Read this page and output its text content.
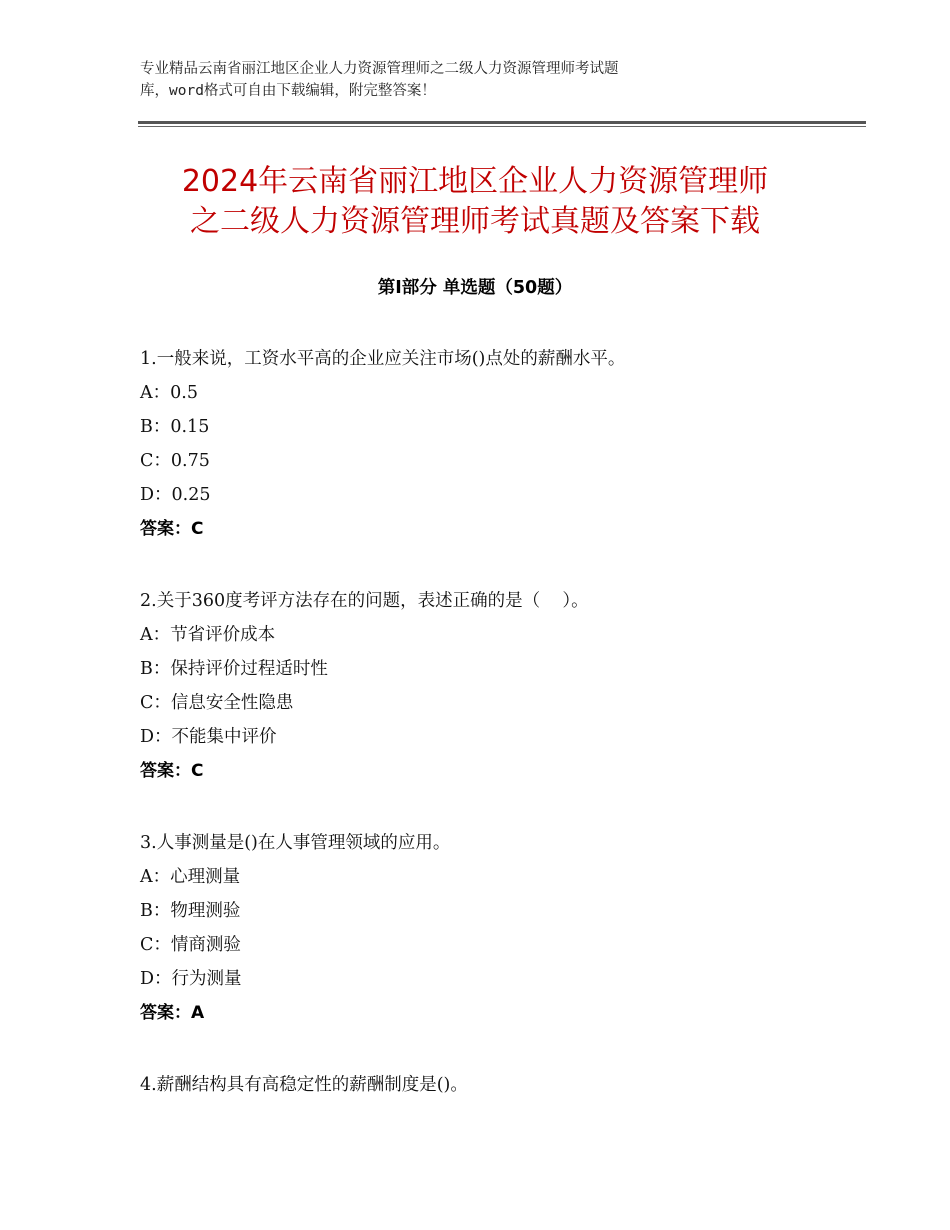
专业精品云南省丽江地区企业人力资源管理师之二级人力资源管理师考试题
库，word格式可自由下载编辑，附完整答案！
2024年云南省丽江地区企业人力资源管理师
之二级人力资源管理师考试真题及答案下载
第Ⅰ部分 单选题（50题）
1.一般来说，工资水平高的企业应关注市场()点处的薪酬水平。
A：0.5
B：0.15
C：0.75
D：0.25
答案：C
2.关于360度考评方法存在的问题，表述正确的是（    ）。
A：节省评价成本
B：保持评价过程适时性
C：信息安全性隐患
D：不能集中评价
答案：C
3.人事测量是()在人事管理领域的应用。
A：心理测量
B：物理测验
C：情商测验
D：行为测量
答案：A
4.薪酬结构具有高稳定性的薪酬制度是()。
